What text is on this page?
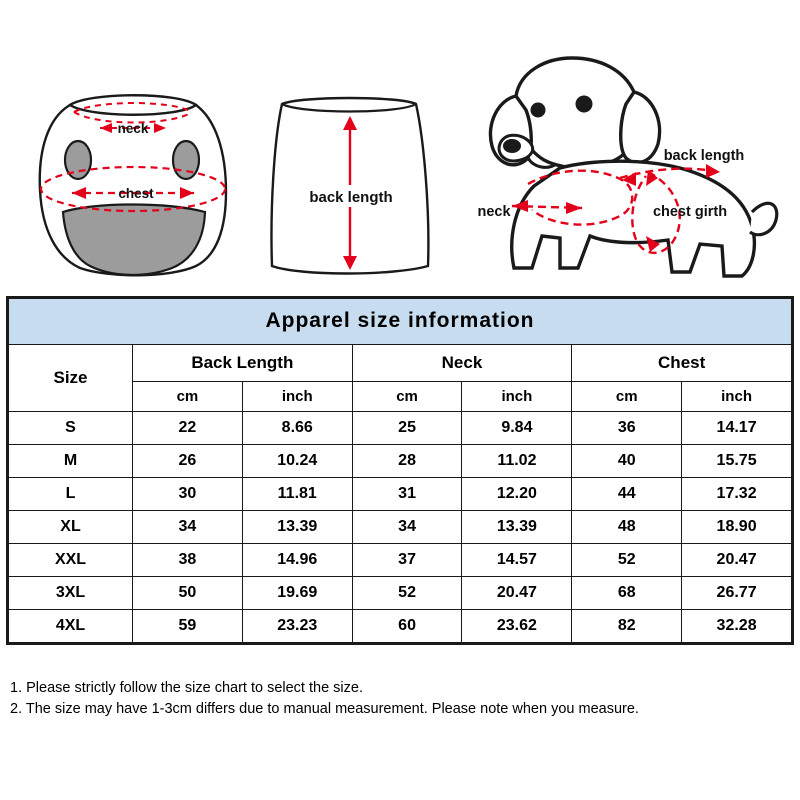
neck
chest	back length
neck
back length
chest girth
Apparel size information						
Size	Back Length		Neck		Chest	
	cm	inch	cm	inch	cm	inch
S	22	8.66	25	9.84	36	14.17
M	26	10.24	28	11.02	40	15.75
L	30	11.81	31	12.20	44	17.32
XL	34	13.39	34	13.39	48	18.90
XXL	38	14.96	37	14.57	52	20.47
3XL	50	19.69	52	20.47	68	26.77
4XL	59	23.23	60	23.62	82	32.28
1. Please strictly follow the size chart to select the size.
2. The size may have 1-3cm differs due to manual measurement. Please note when you measure.
